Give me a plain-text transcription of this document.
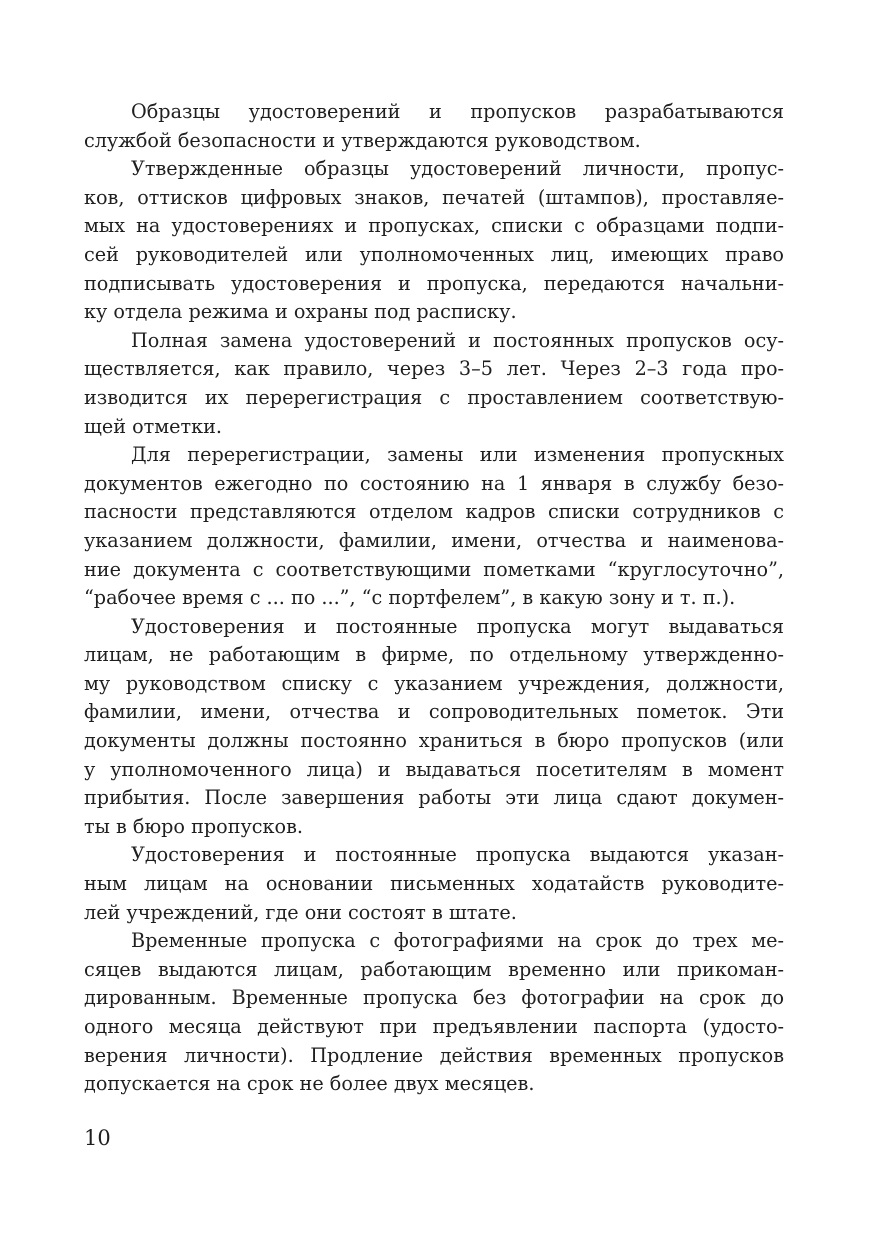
Образцы удостоверений и пропусков разрабатываются
службой безопасности и утверждаются руководством.
Утвержденные образцы удостоверений личности, пропус-
ков, оттисков цифровых знаков, печатей (штампов), проставляе-
мых на удостоверениях и пропусках, списки с образцами подпи-
сей руководителей или уполномоченных лиц, имеющих право
подписывать удостоверения и пропуска, передаются начальни-
ку отдела режима и охраны под расписку.
Полная замена удостоверений и постоянных пропусков осу-
ществляется, как правило, через 3–5 лет. Через 2–3 года про-
изводится их перерегистрация с проставлением соответствую-
щей отметки.
Для перерегистрации, замены или изменения пропускных
документов ежегодно по состоянию на 1 января в службу безо-
пасности представляются отделом кадров списки сотрудников с
указанием должности, фамилии, имени, отчества и наименова-
ние документа с соответствующими пометками “круглосуточно”,
“рабочее время с ... по ...”, “с портфелем”, в какую зону и т. п.).
Удостоверения и постоянные пропуска могут выдаваться
лицам, не работающим в фирме, по отдельному утвержденно-
му руководством списку с указанием учреждения, должности,
фамилии, имени, отчества и сопроводительных пометок. Эти
документы должны постоянно храниться в бюро пропусков (или
у уполномоченного лица) и выдаваться посетителям в момент
прибытия. После завершения работы эти лица сдают докумен-
ты в бюро пропусков.
Удостоверения и постоянные пропуска выдаются указан-
ным лицам на основании письменных ходатайств руководите-
лей учреждений, где они состоят в штате.
Временные пропуска с фотографиями на срок до трех ме-
сяцев выдаются лицам, работающим временно или прикоман-
дированным. Временные пропуска без фотографии на срок до
одного месяца действуют при предъявлении паспорта (удосто-
верения личности). Продление действия временных пропусков
допускается на срок не более двух месяцев.
10
